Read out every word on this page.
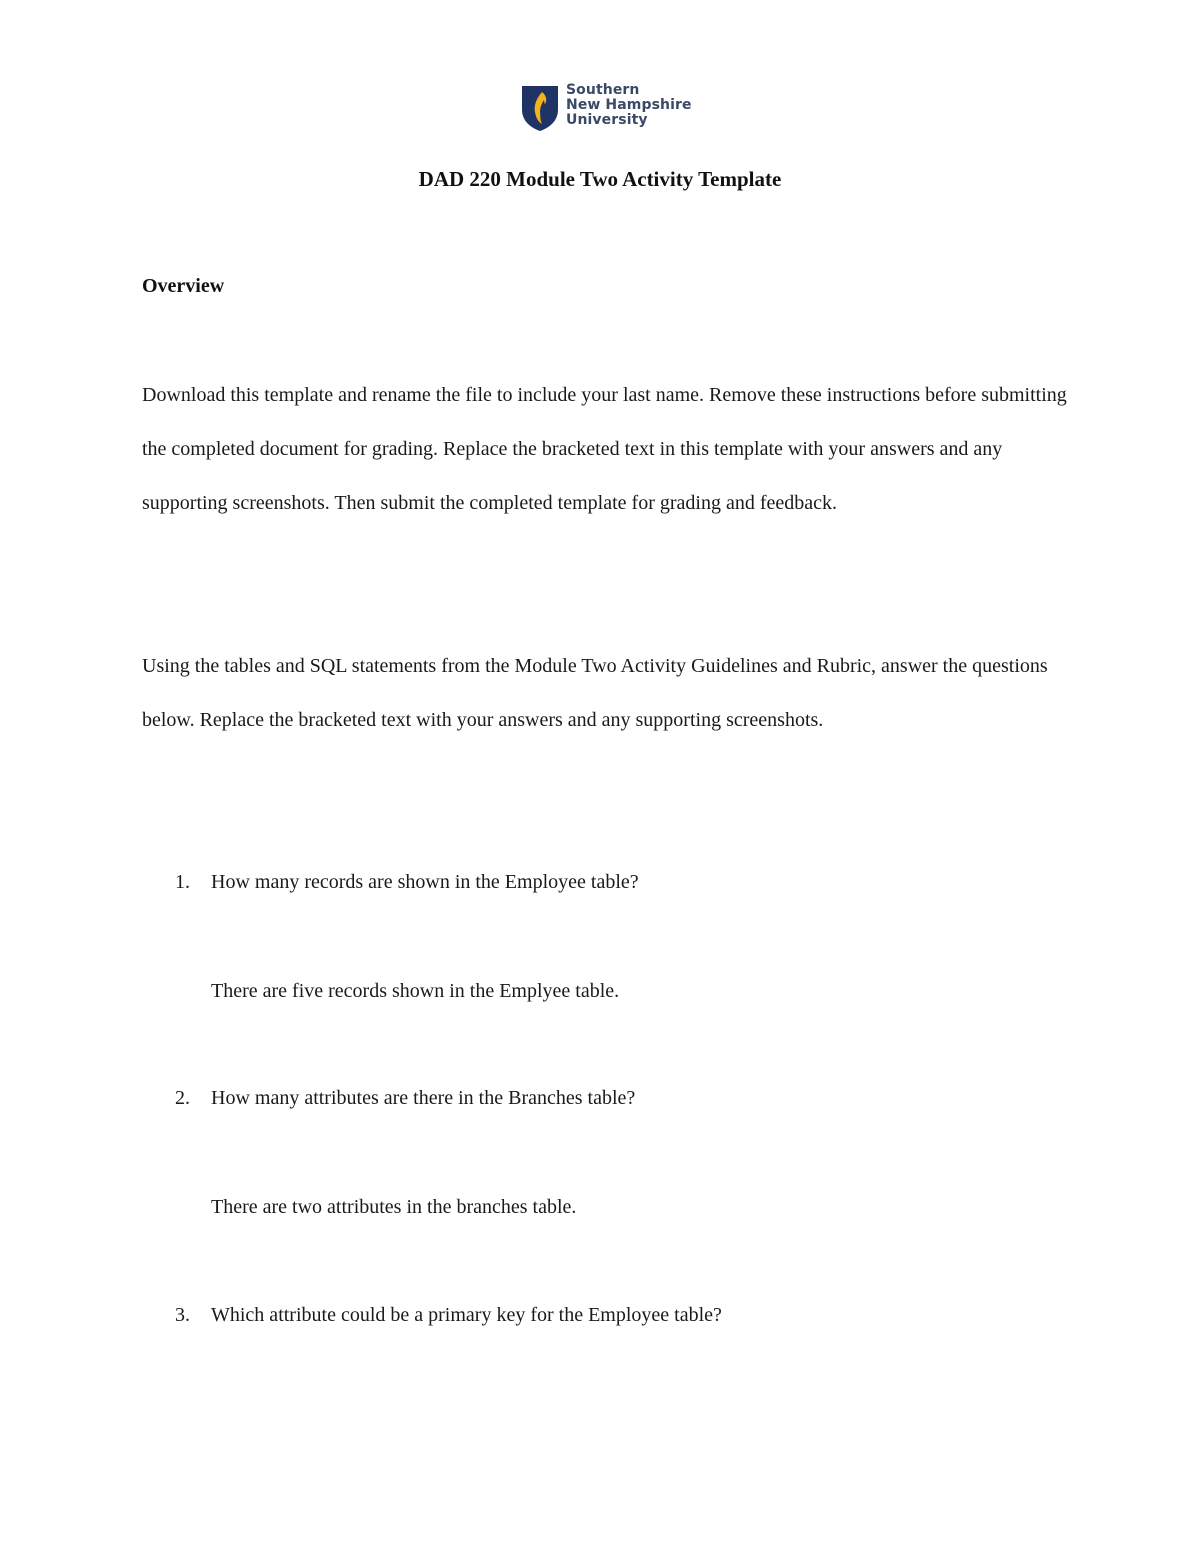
Southern
New Hampshire
University
DAD 220 Module Two Activity Template
Overview
Download this template and rename the file to include your last name. Remove these instructions before submitting the completed document for grading. Replace the bracketed text in this template with your answers and any supporting screenshots. Then submit the completed template for grading and feedback.
Using the tables and SQL statements from the Module Two Activity Guidelines and Rubric, answer the questions below. Replace the bracketed text with your answers and any supporting screenshots.
1.	How many records are shown in the Employee table?
There are five records shown in the Emplyee table.
2.	How many attributes are there in the Branches table?
There are two attributes in the branches table.
3.	Which attribute could be a primary key for the Employee table?
